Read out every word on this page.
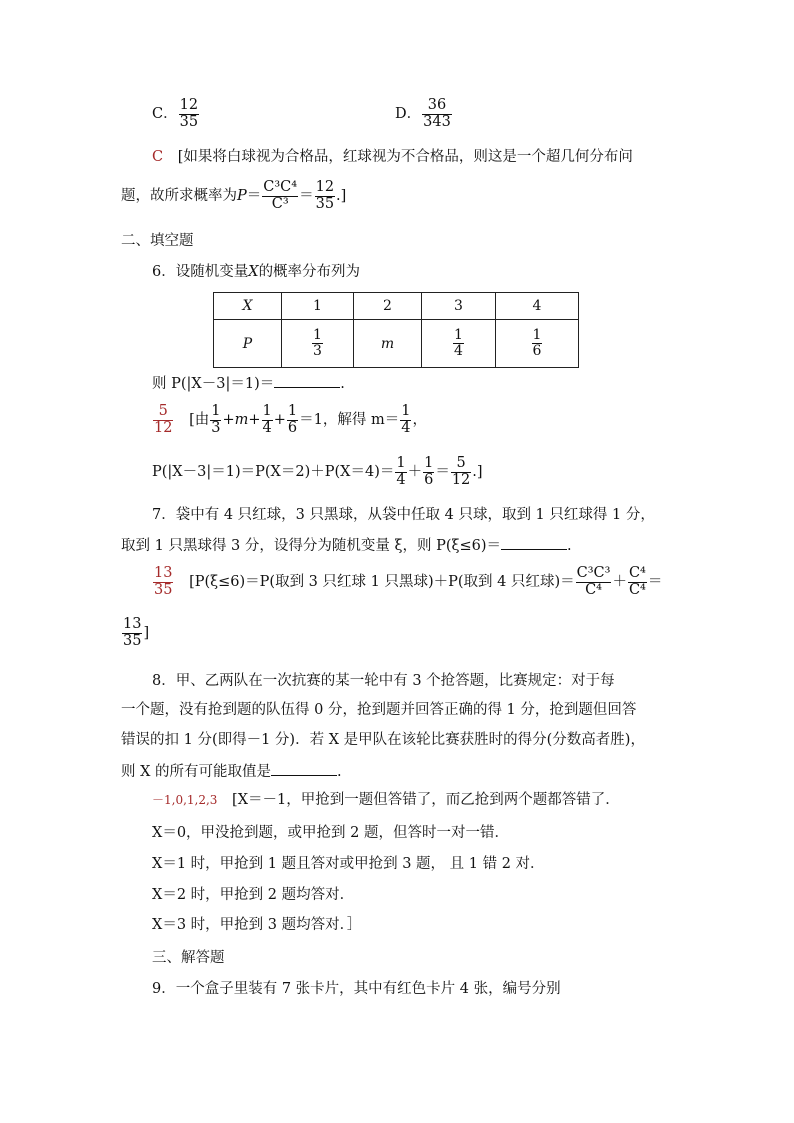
C． $\frac{12}{35}$	D． $\frac{36}{343}$
C [如果将白球视为合格品，红球视为不合格品，则这是一个超几何分布问
题，故所求概率为$P= \frac{\text{C³C⁴}}{\text{C³}} = \frac{12}{35}$ .]
二、填空题
6．设随机变量X的概率分布列为
X	1	2	3	4
P	$\frac{1}{3}$	m	$\frac{1}{4}$	$\frac{1}{6}$
则 P(|X－3|＝1)＝	.
$\frac{5}{12}$ [由 $\frac{1}{3} +m+ \frac{1}{4} + \frac{1}{6} =1$，解得 $m= \frac{1}{4}$ ，
$P(|X-3|=1)=P(X=2)+P(X=4)= \frac{1}{4} + \frac{1}{6} = \frac{5}{12}$ .]
7．袋中有 4 只红球，3 只黑球，从袋中任取 4 只球，取到 1 只红球得 1 分，
取到 1 只黑球得 3 分，设得分为随机变量 ξ，则 P(ξ≤6)＝	.
$\frac{13}{35} [P(\xi\le 6)=P$(取到 3 只红球 1 只黑球)＋P(取到 4 只红球)＝ $\frac{\text{C³C³}}{\text{C⁴}} + \frac{\text{C⁴}}{\text{C⁴}}$ ＝
$\frac{13}{35}$ ]
8．甲、乙两队在一次抗赛的某一轮中有 3 个抢答题，比赛规定：对于每
一个题，没有抢到题的队伍得 0 分，抢到题并回答正确的得 1 分，抢到题但回答
错误的扣 1 分(即得－1 分)．若 X 是甲队在该轮比赛获胜时的得分(分数高者胜)，
则 X 的所有可能取值是	.
－1,0,1,2,3 [X＝－1，甲抢到一题但答错了，而乙抢到两个题都答错了．
X＝0，甲没抢到题，或甲抢到 2 题，但答时一对一错．
X＝1 时，甲抢到 1 题且答对或甲抢到 3 题， 且 1 错 2 对．
X＝2 时，甲抢到 2 题均答对．
X＝3 时，甲抢到 3 题均答对．］
三、解答题
9．一个盒子里装有 7 张卡片，其中有红色卡片 4 张，编号分别
